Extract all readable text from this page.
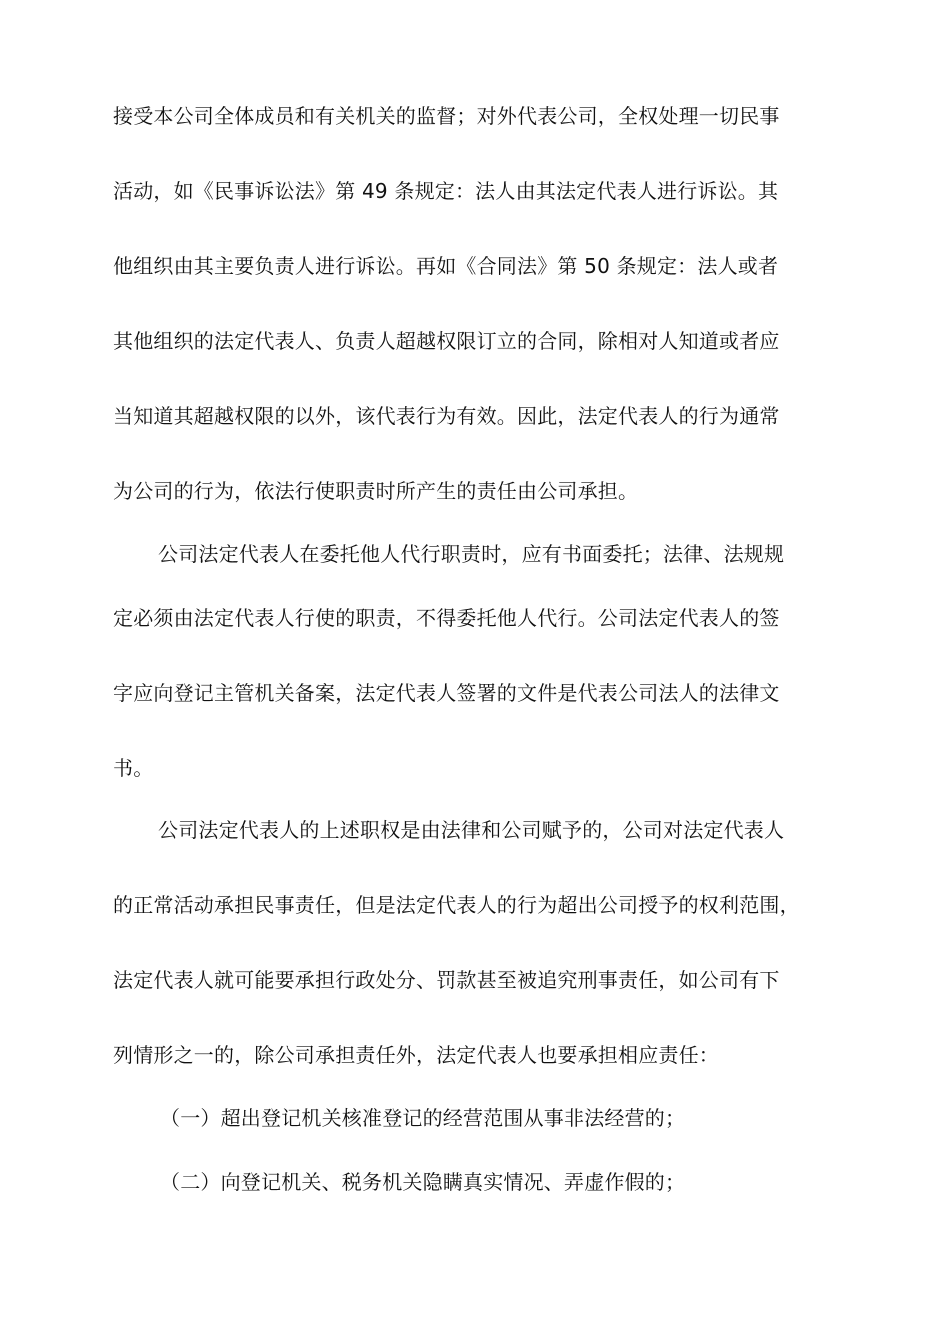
接受本公司全体成员和有关机关的监督；对外代表公司，全权处理一切民事
活动，如《民事诉讼法》第 49 条规定：法人由其法定代表人进行诉讼。其
他组织由其主要负责人进行诉讼。再如《合同法》第 50 条规定：法人或者
其他组织的法定代表人、负责人超越权限订立的合同，除相对人知道或者应
当知道其超越权限的以外，该代表行为有效。因此，法定代表人的行为通常
为公司的行为，依法行使职责时所产生的责任由公司承担。
公司法定代表人在委托他人代行职责时，应有书面委托；法律、法规规
定必须由法定代表人行使的职责，不得委托他人代行。公司法定代表人的签
字应向登记主管机关备案，法定代表人签署的文件是代表公司法人的法律文
书。
公司法定代表人的上述职权是由法律和公司赋予的，公司对法定代表人
的正常活动承担民事责任，但是法定代表人的行为超出公司授予的权利范围，
法定代表人就可能要承担行政处分、罚款甚至被追究刑事责任，如公司有下
列情形之一的，除公司承担责任外，法定代表人也要承担相应责任：
（一）超出登记机关核准登记的经营范围从事非法经营的；
（二）向登记机关、税务机关隐瞒真实情况、弄虚作假的；
